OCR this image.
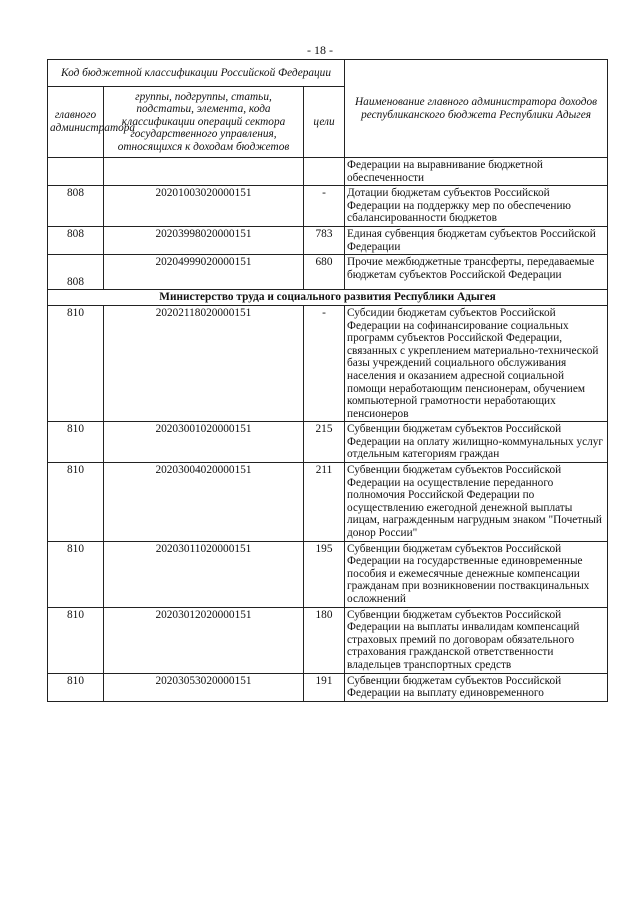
- 18 -
Код бюджетной классификации Российской Федерации			Наименование главного администратора доходов республиканского бюджета Республики Адыгея
главного администратора	группы, подгруппы, статьи, подстатьи, элемента, кода классификации операций сектора государственного управления, относящихся к доходам бюджетов	цели	
			Федерации на выравнивание бюджетной обеспеченности
808	20201003020000151	-	Дотации бюджетам субъектов Российской Федерации на поддержку мер по обеспечению сбалансированности бюджетов
808	20203998020000151	783	Единая субвенция бюджетам субъектов Российской Федерации
808	20204999020000151	680	Прочие межбюджетные трансферты, передаваемые бюджетам субъектов Российской Федерации
Министерство труда и социального развития Республики Адыгея			
810	20202118020000151	-	Субсидии бюджетам субъектов Российской Федерации на софинансирование социальных программ субъектов Российской Федерации, связанных с укреплением материально-технической базы учреждений социального обслуживания населения и оказанием адресной социальной помощи неработающим пенсионерам, обучением компьютерной грамотности неработающих пенсионеров
810	20203001020000151	215	Субвенции бюджетам субъектов Российской Федерации на оплату жилищно-коммунальных услуг отдельным категориям граждан
810	20203004020000151	211	Субвенции бюджетам субъектов Российской Федерации на осуществление переданного полномочия Российской Федерации по осуществлению ежегодной денежной выплаты лицам, награжденным нагрудным знаком "Почетный донор России"
810	20203011020000151	195	Субвенции бюджетам субъектов Российской Федерации на государственные единовременные пособия и ежемесячные денежные компенсации гражданам при возникновении поствакцинальных осложнений
810	20203012020000151	180	Субвенции бюджетам субъектов Российской Федерации на выплаты инвалидам компенсаций страховых премий по договорам обязательного страхования гражданской ответственности владельцев транспортных средств
810	20203053020000151	191	Субвенции бюджетам субъектов Российской Федерации на выплату единовременного
